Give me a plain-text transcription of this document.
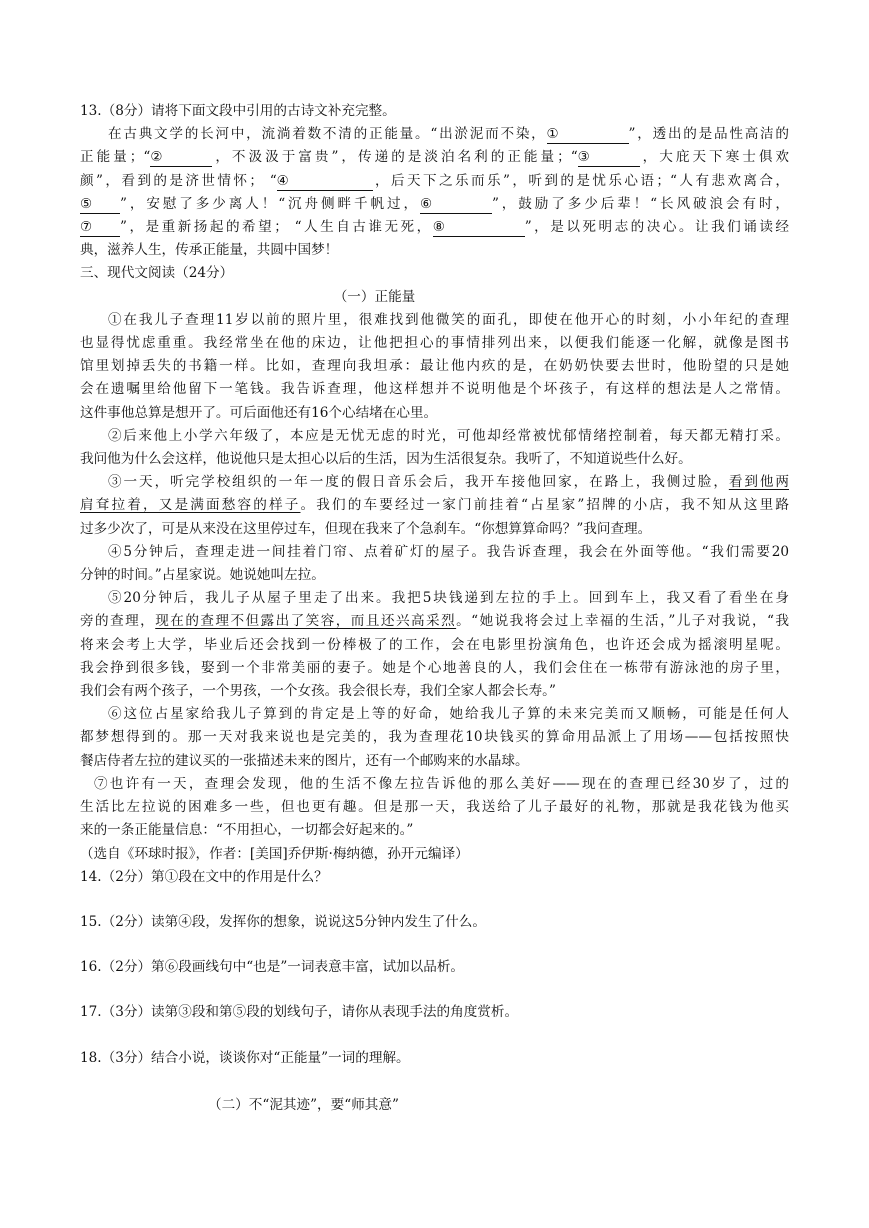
13.（8分）请将下面文段中引用的古诗文补充完整。
在古典文学的长河中，流淌着数不清的正能量。“出淤泥而不染，①	”，透出的是品性高洁的
正能量；“②	，不汲汲于富贵”，传递的是淡泊名利的正能量；“③	，大庇天下寒士俱欢
颜”，看到的是济世情怀； “④	，后天下之乐而乐”，听到的是忧乐心语；“人有悲欢离合，
⑤ ”，安慰了多少离人！“沉舟侧畔千帆过，⑥	”，鼓励了多少后辈！“长风破浪会有时，
⑦ ”，是重新扬起的希望； “人生自古谁无死，⑧	”，是以死明志的决心。让我们诵读经
典，滋养人生，传承正能量，共圆中国梦！
三、现代文阅读（24分）
（一）正能量
①在我儿子查理11岁以前的照片里，很难找到他微笑的面孔，即使在他开心的时刻，小小年纪的查理
也显得忧虑重重。我经常坐在他的床边，让他把担心的事情排列出来，以便我们能逐一化解，就像是图书
馆里划掉丢失的书籍一样。比如，查理向我坦承：最让他内疚的是，在奶奶快要去世时，他盼望的只是她
会在遗嘱里给他留下一笔钱。我告诉查理，他这样想并不说明他是个坏孩子，有这样的想法是人之常情。
这件事他总算是想开了。可后面他还有16个心结堵在心里。
②后来他上小学六年级了，本应是无忧无虑的时光，可他却经常被忧郁情绪控制着，每天都无精打采。
我问他为什么会这样，他说他只是太担心以后的生活，因为生活很复杂。我听了，不知道说些什么好。
③一天，听完学校组织的一年一度的假日音乐会后，我开车接他回家，在路上，我侧过脸，看到他两
肩耷拉着，又是满面愁容的样子。我们的车要经过一家门前挂着“占星家”招牌的小店，我不知从这里路
过多少次了，可是从来没在这里停过车，但现在我来了个急刹车。“你想算算命吗？”我问查理。
④5分钟后，查理走进一间挂着门帘、点着矿灯的屋子。我告诉查理，我会在外面等他。“我们需要20
分钟的时间。”占星家说。她说她叫左拉。
⑤20分钟后，我儿子从屋子里走了出来。我把5块钱递到左拉的手上。回到车上，我又看了看坐在身
旁的查理，现在的查理不但露出了笑容，而且还兴高采烈。“她说我将会过上幸福的生活，”儿子对我说，“我
将来会考上大学，毕业后还会找到一份棒极了的工作，会在电影里扮演角色，也许还会成为摇滚明星呢。
我会挣到很多钱，娶到一个非常美丽的妻子。她是个心地善良的人，我们会住在一栋带有游泳池的房子里，
我们会有两个孩子，一个男孩，一个女孩。我会很长寿，我们全家人都会长寿。”
⑥这位占星家给我儿子算到的肯定是上等的好命，她给我儿子算的未来完美而又顺畅，可能是任何人
都梦想得到的。那一天对我来说也是完美的，我为查理花10块钱买的算命用品派上了用场——包括按照快
餐店侍者左拉的建议买的一张描述未来的图片，还有一个邮购来的水晶球。
⑦也许有一天，查理会发现，他的生活不像左拉告诉他的那么美好——现在的查理已经30岁了，过的
生活比左拉说的困难多一些，但也更有趣。但是那一天，我送给了儿子最好的礼物，那就是我花钱为他买
来的一条正能量信息：“不用担心，一切都会好起来的。”
（选自《环球时报》，作者：[美国]乔伊斯·梅纳德，孙开元编译）
14.（2分）第①段在文中的作用是什么？
15.（2分）读第④段，发挥你的想象，说说这5分钟内发生了什么。
16.（2分）第⑥段画线句中“也是”一词表意丰富，试加以品析。
17.（3分）读第③段和第⑤段的划线句子，请你从表现手法的角度赏析。
18.（3分）结合小说，谈谈你对“正能量”一词的理解。
（二）不“泥其迹”，要“师其意”
